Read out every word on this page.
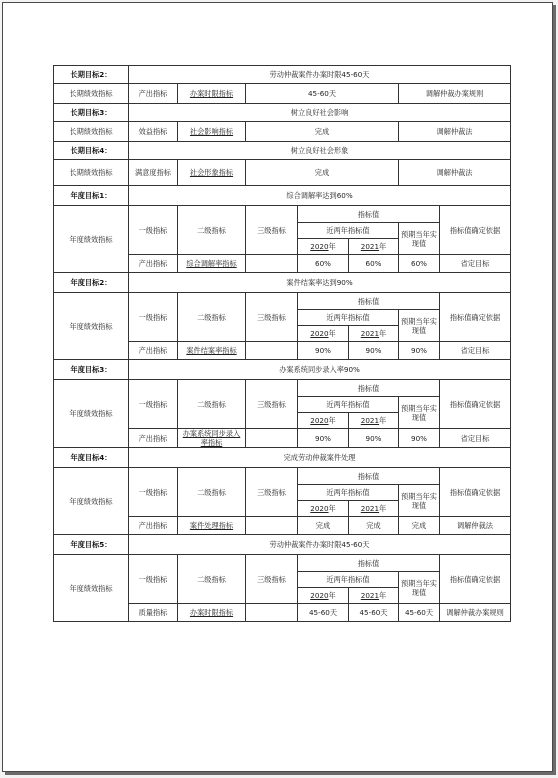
长期目标2：	劳动仲裁案件办案时限45-60天						
长期绩效指标	产出指标	办案时限指标	45-60天			调解仲裁办案规则	
长期目标3：	树立良好社会影响						
长期绩效指标	效益指标	社会影响指标	完成			调解仲裁法	
长期目标4：	树立良好社会形象						
长期绩效指标	满意度指标	社会形象指标	完成			调解仲裁法	
年度目标1：	综合调解率达到60%						
年度绩效指标	一级指标	二级指标	三级指标	指标值			指标值确定依据
				近两年指标值		预期当年实现值	
				2020年	2021年		
	产出指标	综合调解率指标		60%	60%	60%	省定目标
年度目标2：	案件结案率达到90%						
年度绩效指标	一级指标	二级指标	三级指标	指标值			指标值确定依据
				近两年指标值		预期当年实现值	
				2020年	2021年		
	产出指标	案件结案率指标		90%	90%	90%	省定目标
年度目标3：	办案系统同步录入率90%						
年度绩效指标	一级指标	二级指标	三级指标	指标值			指标值确定依据
				近两年指标值		预期当年实现值	
				2020年	2021年		
	产出指标	办案系统同步录入率指标		90%	90%	90%	省定目标
年度目标4：	完成劳动仲裁案件处理						
年度绩效指标	一级指标	二级指标	三级指标	指标值			指标值确定依据
				近两年指标值		预期当年实现值	
				2020年	2021年		
	产出指标	案件处理指标		完成	完成	完成	调解仲裁法
年度目标5：	劳动仲裁案件办案时限45-60天						
年度绩效指标	一级指标	二级指标	三级指标	指标值			指标值确定依据
				近两年指标值		预期当年实现值	
				2020年	2021年		
	质量指标	办案时限指标		45-60天	45-60天	45-60天	调解仲裁办案规则
